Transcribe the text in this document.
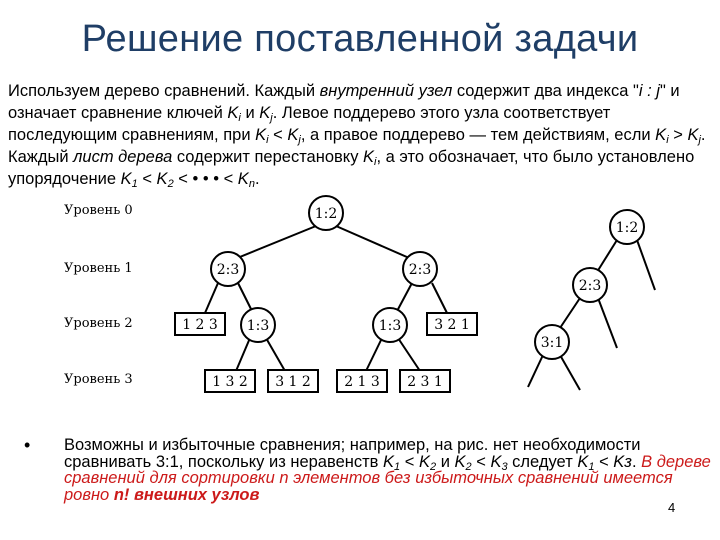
Решение поставленной задачи
Используем дерево сравнений. Каждый внутренний узел содержит два индекса "i : j" и означает сравнение ключей $K_i$ и $K_j$. Левое поддерево этого узла соответствует последующим сравнениям, при $K_i < K_j$, а правое поддерево — тем действиям, если $K_i > K_j$. Каждый лист дерева содержит перестановку $K_i$, а это обозначает, что было установлено упорядочение $K_1 < K_2$ < • • • < $K_n$.
Уровень 0
Уровень 1
Уровень 2
Уровень 3
1:2
2:3	2:3
1 2 3 1:3	1:3 3 2 1
1 3 2 3 1 2 2 1 3 2 3 1
1:2
2:3
3:1
• Возможны и избыточные сравнения; например, на рис. нет необходимости сравнивать 3:1, поскольку из неравенств $K_1 < K_2$ и $K_2 < K_3$ следует $K_1$ < Kз. В дереве сравнений для сортировки n элементов без избыточных сравнений имеется ровно n! внешних узлов
4
